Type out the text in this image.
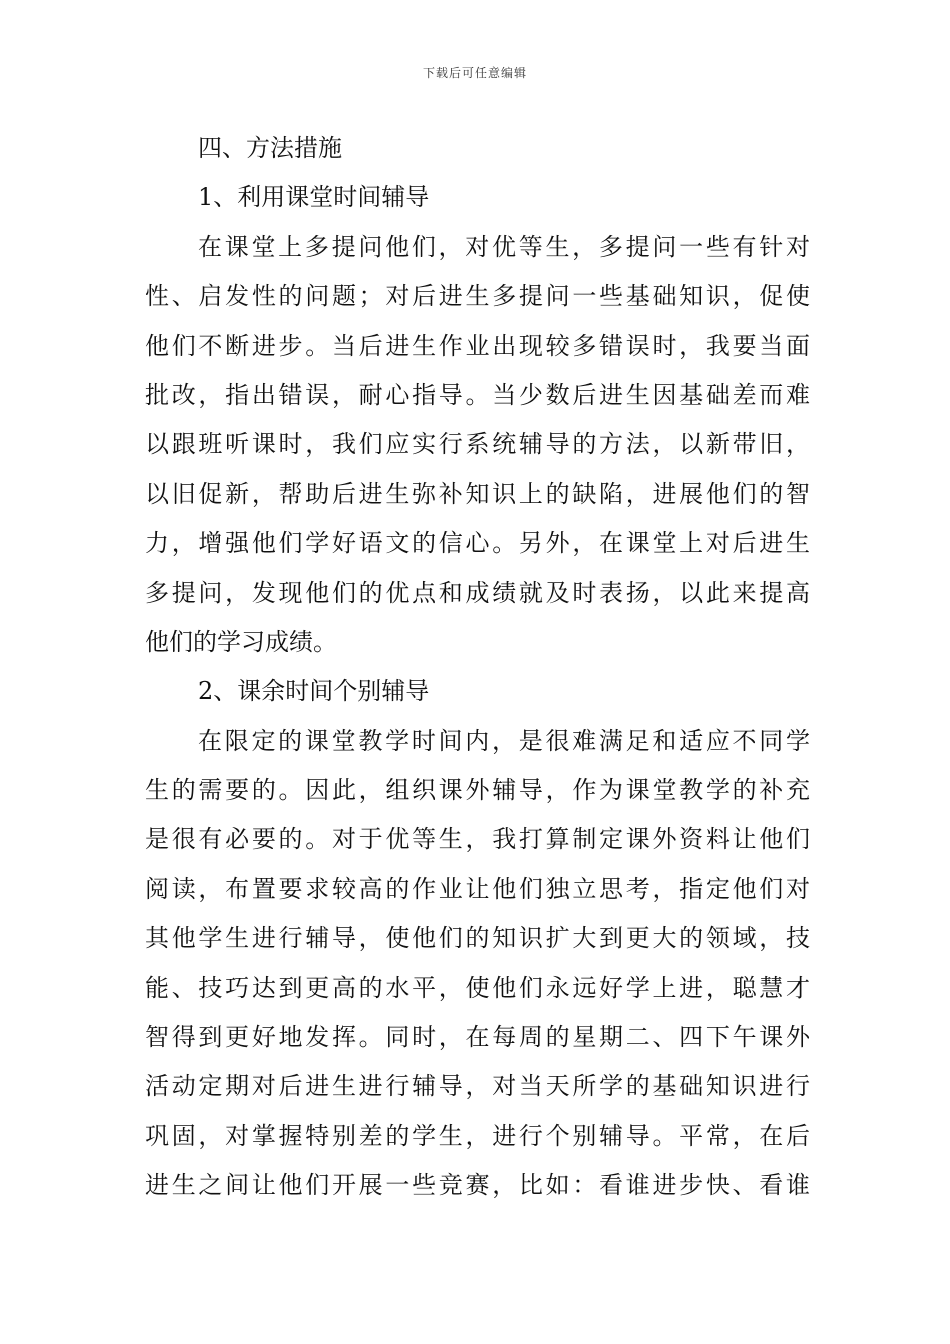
下载后可任意编辑
四、方法措施
1、利用课堂时间辅导
在课堂上多提问他们，对优等生，多提问一些有针对
性、启发性的问题；对后进生多提问一些基础知识，促使
他们不断进步。当后进生作业出现较多错误时，我要当面
批改，指出错误，耐心指导。当少数后进生因基础差而难
以跟班听课时，我们应实行系统辅导的方法，以新带旧，
以旧促新，帮助后进生弥补知识上的缺陷，进展他们的智
力，增强他们学好语文的信心。另外，在课堂上对后进生
多提问，发现他们的优点和成绩就及时表扬，以此来提高
他们的学习成绩。
2、课余时间个别辅导
在限定的课堂教学时间内，是很难满足和适应不同学
生的需要的。因此，组织课外辅导，作为课堂教学的补充
是很有必要的。对于优等生，我打算制定课外资料让他们
阅读，布置要求较高的作业让他们独立思考，指定他们对
其他学生进行辅导，使他们的知识扩大到更大的领域，技
能、技巧达到更高的水平，使他们永远好学上进，聪慧才
智得到更好地发挥。同时，在每周的星期二、四下午课外
活动定期对后进生进行辅导，对当天所学的基础知识进行
巩固，对掌握特别差的学生，进行个别辅导。平常，在后
进生之间让他们开展一些竞赛，比如：看谁进步快、看谁
